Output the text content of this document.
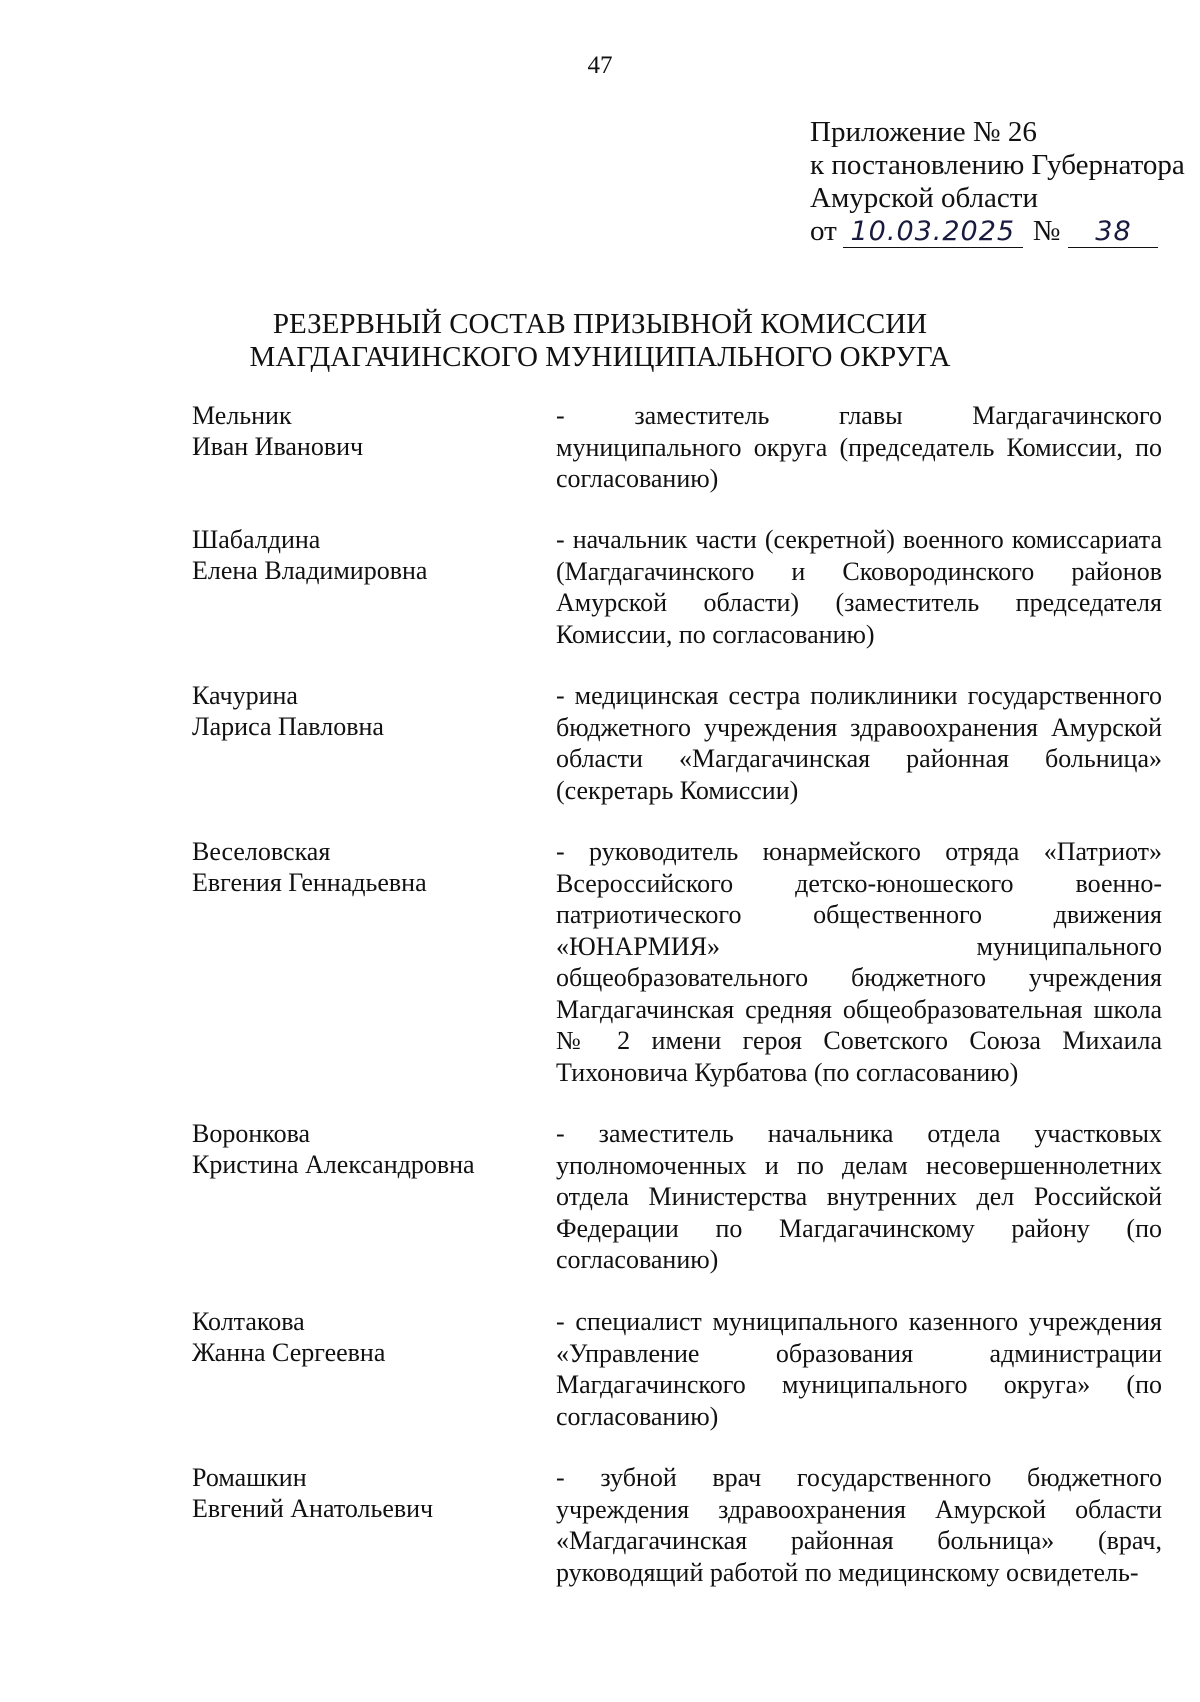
47
Приложение № 26
к постановлению Губернатора
Амурской области
от 10.03.2025 №	38
РЕЗЕРВНЫЙ СОСТАВ ПРИЗЫВНОЙ КОМИССИИ
МАГДАГАЧИНСКОГО МУНИЦИПАЛЬНОГО ОКРУГА
Мельник
Иван Иванович
- заместитель главы Магдагачинского муниципального округа (председатель Комиссии, по согласованию)
Шабалдина
Елена Владимировна
- начальник части (секретной) военного комиссариата (Магдагачинского и Сковородинского районов Амурской области) (заместитель председателя Комиссии, по согласованию)
Качурина
Лариса Павловна
- медицинская сестра поликлиники государственного бюджетного учреждения здравоохранения Амурской области «Магдагачинская районная больница» (секретарь Комиссии)
Веселовская
Евгения Геннадьевна
- руководитель юнармейского отряда «Патриот» Всероссийского детско-юношеского военно-патриотического общественного движения «ЮНАРМИЯ» муниципального общеобразовательного бюджетного учреждения Магдагачинская средняя общеобразовательная школа № 2 имени героя Советского Союза Михаила Тихоновича Курбатова (по согласованию)
Воронкова
Кристина Александровна
- заместитель начальника отдела участковых уполномоченных и по делам несовершеннолетних отдела Министерства внутренних дел Российской Федерации по Магдагачинскому району (по согласованию)
Колтакова
Жанна Сергеевна
- специалист муниципального казенного учреждения «Управление образования администрации Магдагачинского муниципального округа» (по согласованию)
Ромашкин
Евгений Анатольевич
- зубной врач государственного бюджетного учреждения здравоохранения Амурской области «Магдагачинская районная больница» (врач, руководящий работой по медицинскому освидетель-
